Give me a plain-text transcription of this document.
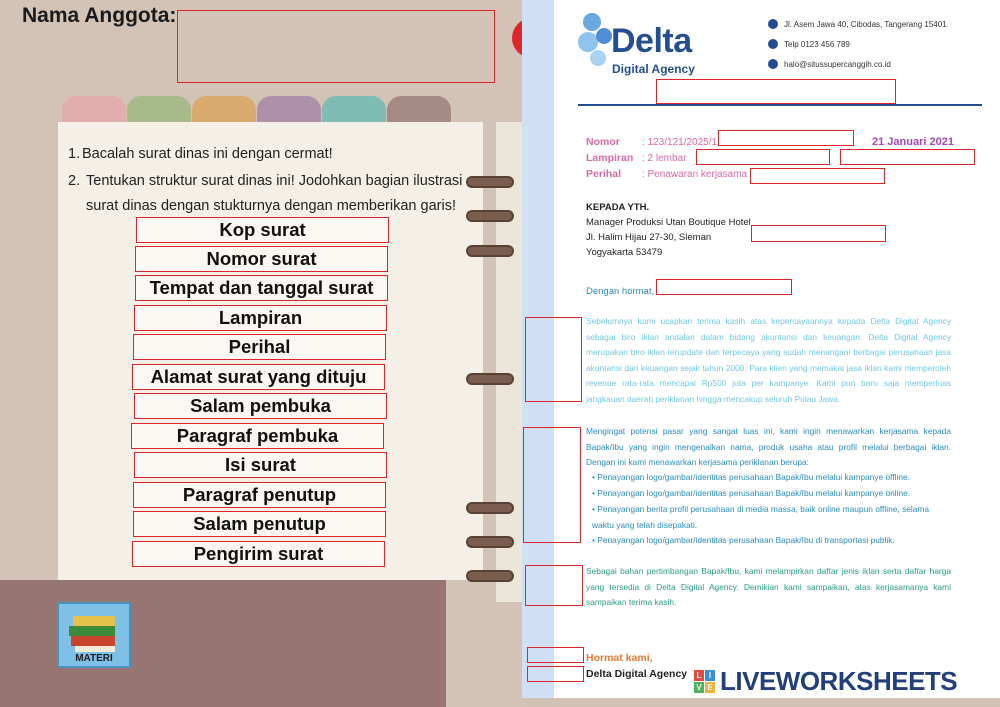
Nama Anggota:
1. Bacalah surat dinas ini dengan cermat!
2. Tentukan struktur surat dinas ini! Jodohkan bagian ilustrasi surat dinas dengan stukturnya dengan memberikan garis!
Kop surat
Nomor surat
Tempat dan tanggal surat
Lampiran
Perihal
Alamat surat yang dituju
Salam pembuka
Paragraf pembuka
Isi surat
Paragraf penutup
Salam penutup
Pengirim surat
MATERI
Delta
Digital Agency
Jl. Asem Jawa 40, Cibodas, Tangerang 15401
Telp 0123 456 789
halo@situssupercanggih.co.id
Nomor : 123/121/2025/1	21 Januari 2021
Lampiran : 2 lembar
Perihal : Penawaran kerjasama
KEPADA YTH.
Manager Produksi Utan Boutique Hotel
Jl. Halim Hijau 27-30, Sleman
Yogyakarta 53479
Dengan hormat,
Sebelumnya kami ucapkan terima kasih atas kepercayaannya kepada Delta Digital Agency sebagai biro iklan andalan dalam bidang akuntansi dan keuangan. Delta Digital Agency merupakan biro iklan terupdate dan terpecaya yang sudah menangani berbagai perusahaan jasa akuntansi dan keuangan sejak tahun 2000. Para klien yang memakai jasa iklan kami memperoleh revenue rata-rata mencapai Rp500 juta per kampanye. Kami pun baru saja memperluas jangkauan daerah periklanan hingga mencakup seluruh Pulau Jawa.
Mengingat potensi pasar yang sangat luas ini, kami ingin menawarkan kerjasama kepada Bapak/Ibu yang ingin mengenalkan nama, produk usaha atau profil melalui berbagai iklan. Dengan ini kami menawarkan kerjasama periklanan berupa:
• Penayangan logo/gambar/identitas perusahaan Bapak/Ibu melalui kampanye offline.
• Penayangan logo/gambar/identitas perusahaan Bapak/Ibu melalui kampanye online.
• Penayangan berita profil perusahaan di media massa, baik online maupun offline, selama waktu yang telah disepakati.
• Penayangan logo/gambar/identitas perusahaan Bapak/Ibu di transportasi publik.
Sebagai bahan pertimbangan Bapak/Ibu, kami melampirkan daftar jenis iklan serta daftar harga yang tersedia di Delta Digital Agency. Demikian kami sampaikan, atas kerjasamanya kami sampaikan terima kasih.
Hormat kami,
Delta Digital Agency	L I
V E LIVEWORKSHEETS
